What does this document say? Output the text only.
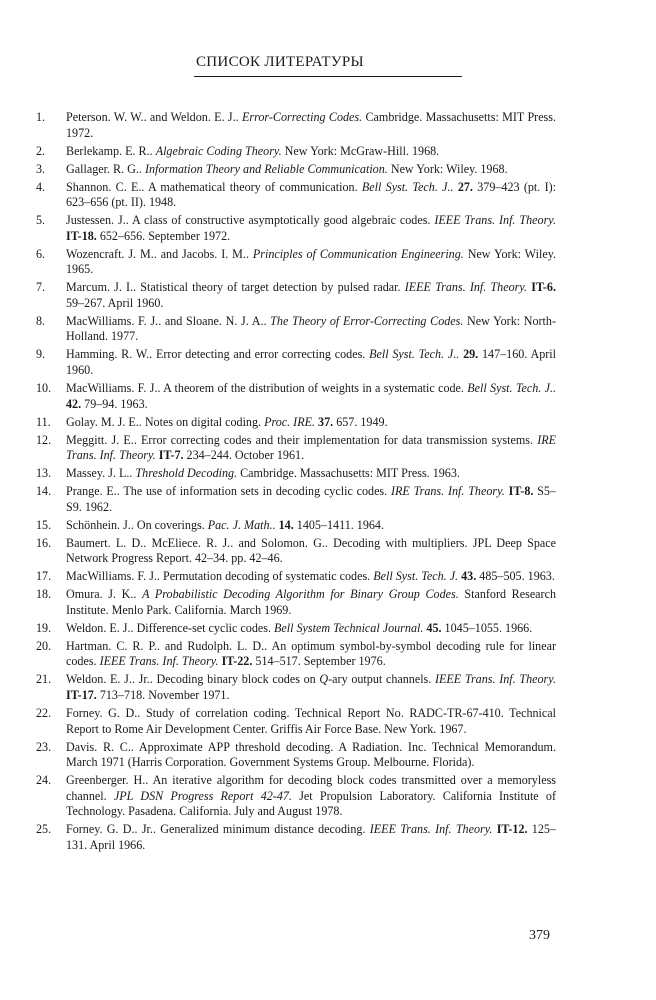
СПИСОК ЛИТЕРАТУРЫ
1.	Peterson. W. W.. and Weldon. E. J.. Error-Correcting Codes. Cambridge. Massachusetts: MIT Press. 1972.
2.	Berlekamp. E. R.. Algebraic Coding Theory. New York: McGraw-Hill. 1968.
3.	Gallager. R. G.. Information Theory and Reliable Communication. New York: Wiley. 1968.
4.	Shannon. C. E.. A mathematical theory of communication. Bell Syst. Tech. J.. 27. 379–423 (pt. I): 623–656 (pt. II). 1948.
5.	Justessen. J.. A class of constructive asymptotically good algebraic codes. IEEE Trans. Inf. Theory. IT-18. 652–656. September 1972.
6.	Wozencraft. J. M.. and Jacobs. I. M.. Principles of Communication Engineering. New York: Wiley. 1965.
7.	Marcum. J. I.. Statistical theory of target detection by pulsed radar. IEEE Trans. Inf. Theory. IT-6. 59–267. April 1960.
8.	MacWilliams. F. J.. and Sloane. N. J. A.. The Theory of Error-Correcting Codes. New York: North-Holland. 1977.
9.	Hamming. R. W.. Error detecting and error correcting codes. Bell Syst. Tech. J.. 29. 147–160. April 1960.
10.	MacWilliams. F. J.. A theorem of the distribution of weights in a systematic code. Bell Syst. Tech. J.. 42. 79–94. 1963.
11.	Golay. M. J. E.. Notes on digital coding. Proc. IRE. 37. 657. 1949.
12.	Meggitt. J. E.. Error correcting codes and their implementation for data transmission systems. IRE Trans. Inf. Theory. IT-7. 234–244. October 1961.
13.	Massey. J. L.. Threshold Decoding. Cambridge. Massachusetts: MIT Press. 1963.
14.	Prange. E.. The use of information sets in decoding cyclic codes. IRE Trans. Inf. Theory. IT-8. S5–S9. 1962.
15.	Schönhein. J.. On coverings. Pac. J. Math.. 14. 1405–1411. 1964.
16.	Baumert. L. D.. McEliece. R. J.. and Solomon. G.. Decoding with multipliers. JPL Deep Space Network Progress Report. 42–34. pp. 42–46.
17.	MacWilliams. F. J.. Permutation decoding of systematic codes. Bell Syst. Tech. J. 43. 485–505. 1963.
18.	Omura. J. K.. A Probabilistic Decoding Algorithm for Binary Group Codes. Stanford Research Institute. Menlo Park. California. March 1969.
19.	Weldon. E. J.. Difference-set cyclic codes. Bell System Technical Journal. 45. 1045–1055. 1966.
20.	Hartman. C. R. P.. and Rudolph. L. D.. An optimum symbol-by-symbol decoding rule for linear codes. IEEE Trans. Inf. Theory. IT-22. 514–517. September 1976.
21.	Weldon. E. J.. Jr.. Decoding binary block codes on Q-ary output channels. IEEE Trans. Inf. Theory. IT-17. 713–718. November 1971.
22.	Forney. G. D.. Study of correlation coding. Technical Report No. RADC-TR-67-410. Technical Report to Rome Air Development Center. Griffis Air Force Base. New York. 1967.
23.	Davis. R. C.. Approximate APP threshold decoding. A Radiation. Inc. Technical Memorandum. March 1971 (Harris Corporation. Government Systems Group. Melbourne. Florida).
24.	Greenberger. H.. An iterative algorithm for decoding block codes transmitted over a memoryless channel. JPL DSN Progress Report 42-47. Jet Propulsion Laboratory. California Institute of Technology. Pasadena. California. July and August 1978.
25.	Forney. G. D.. Jr.. Generalized minimum distance decoding. IEEE Trans. Inf. Theory. IT-12. 125–131. April 1966.
379
